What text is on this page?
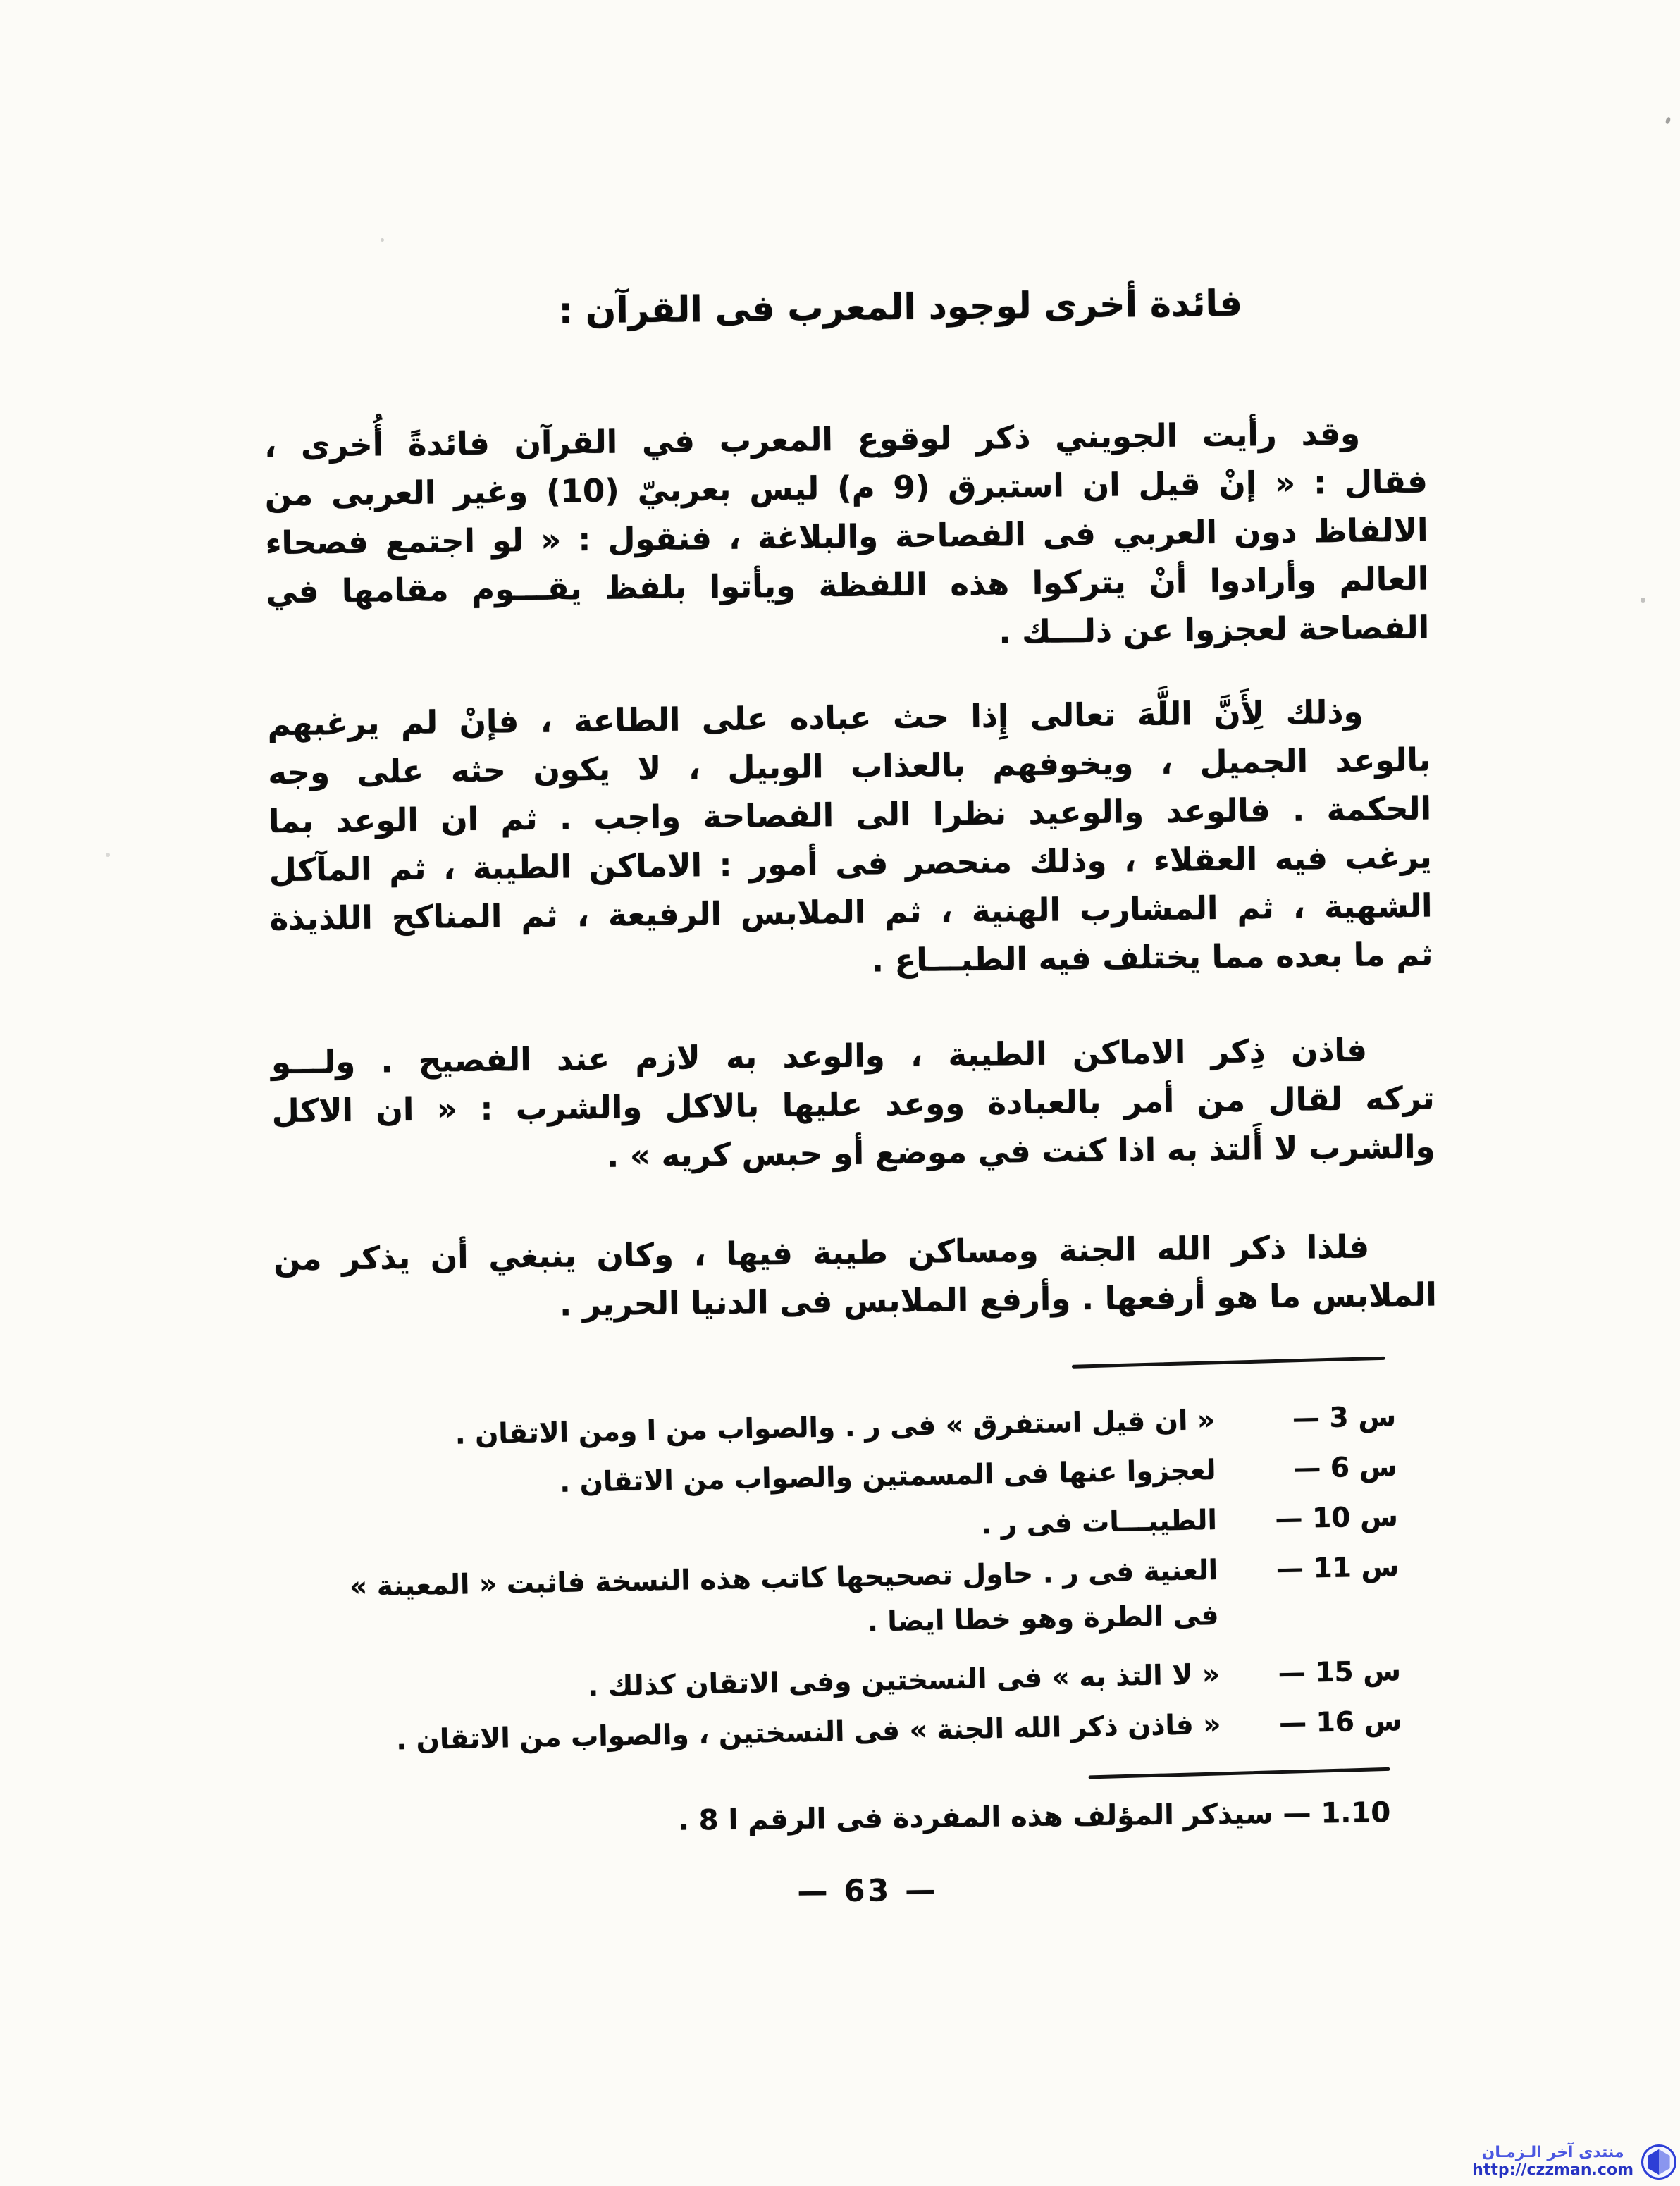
فائدة أخرى لوجود المعرب فى القرآن :
وقد رأيت الجويني ذكر لوقوع المعرب في القرآن فائدةً أُخرى ،
فقال : « إنْ قيل ان استبرق (9 م) ليس بعربيّ (10) وغير العربى من
الالفاظ دون العربي فى الفصاحة والبلاغة ، فنقول : « لو اجتمع فصحاء
العالم وأرادوا أنْ يتركوا هذه اللفظة ويأتوا بلفظ يقـــوم مقامها في
الفصاحة لعجزوا عن ذلـــك .
وذلك لِأَنَّ اللَّهَ تعالى إِذا حث عباده على الطاعة ، فإنْ لم يرغبهم
بالوعد الجميل ، ويخوفهم بالعذاب الوبيل ، لا يكون حثه على وجه
الحكمة . فالوعد والوعيد نظرا الى الفصاحة واجب . ثم ان الوعد بما
يرغب فيه العقلاء ، وذلك منحصر فى أمور : الاماكن الطيبة ، ثم المآكل
الشهية ، ثم المشارب الهنية ، ثم الملابس الرفيعة ، ثم المناكح اللذيذة
ثم ما بعده مما يختلف فيه الطبـــاع .
فاذن ذِكر الاماكن الطيبة ، والوعد به لازم عند الفصيح . ولـــو
تركه لقال من أمر بالعبادة ووعد عليها بالاكل والشرب : « ان الاكل
والشرب لا أَلتذ به اذا كنت في موضع أو حبس كريه » .
فلذا ذكر الله الجنة ومساكن طيبة فيها ، وكان ينبغي أن يذكر من
الملابس ما هو أرفعها . وأرفع الملابس فى الدنيا الحرير .
س 3 —
« ان قيل استفرق » فى ر . والصواب من ا ومن الاتقان .
س 6 —
لعجزوا عنها فى المسمتين والصواب من الاتقان .
س 10 —
الطيبـــات فى ر .
س 11 —
العنية فى ر . حاول تصحيحها كاتب هذه النسخة فاثبت « المعينة »
فى الطرة وهو خطا ايضا .
س 15 —
« لا التذ به » فى النسختين وفى الاتقان كذلك .
س 16 —
« فاذن ذكر الله الجنة » فى النسختين ، والصواب من الاتقان .
1.10 — سيذكر المؤلف هذه المفردة فى الرقم ا 8 .
— 63 —
منتدى آخر الـزمـان
http://czzman.com
